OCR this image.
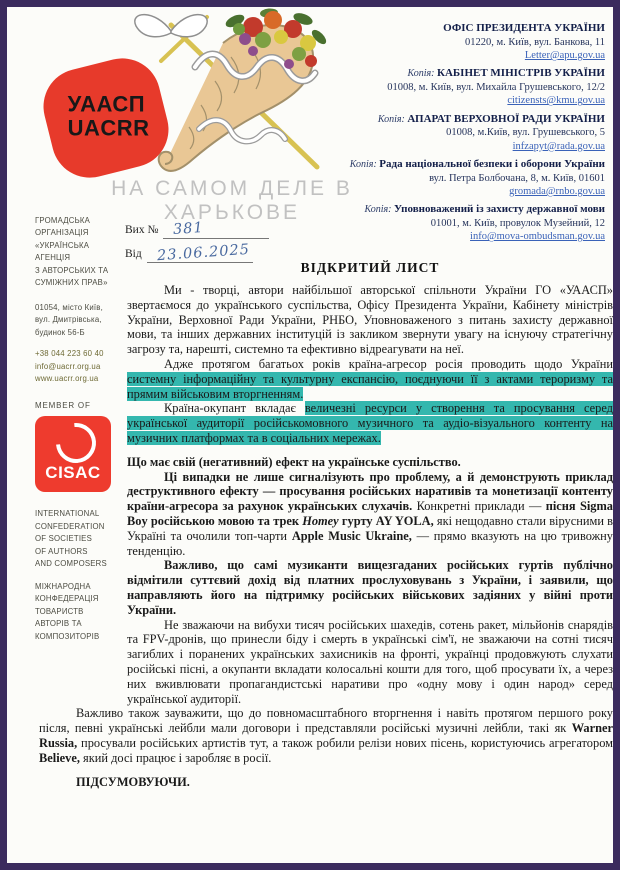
УААСП
UACRR
НА САМОМ ДЕЛЕ В
ХАРЬКОВЕ
ОФІС ПРЕЗИДЕНТА УКРАЇНИ
01220, м. Київ, вул. Банкова, 11
Letter@apu.gov.ua
Копія: КАБІНЕТ МІНІСТРІВ УКРАЇНИ
01008, м. Київ, вул. Михайла Грушевського, 12/2
citizensts@kmu.gov.ua
Копія: АПАРАТ ВЕРХОВНОЇ РАДИ УКРАЇНИ
01008, м.Київ, вул. Грушевського, 5
infzapyt@rada.gov.ua
Копія: Рада національної безпеки і оборони України
вул. Петра Болбочана, 8, м. Київ, 01601
gromada@rnbo.gov.ua
Копія: Уповноважений із захисту державної мови
01001, м. Київ, провулок Музейний, 12
info@mova-ombudsman.gov.ua
Вих № 381
Від 23.06.2025
ВІДКРИТИЙ ЛИСТ

Ми - творці, автори найбільшої авторської спільноти України ГО «УААСП» звертаємося до українського суспільства, Офісу Президента України, Кабінету міністрів України, Верховної Ради України, РНБО, Уповноваженого з питань захисту державної мови, та інших державних інституцій із закликом звернути увагу на існуючу стратегічну загрозу та, нарешті, системно та ефективно відреагувати на неї.

Адже протягом багатьох років країна-агресор росія проводить щодо України системну інформаційну та культурну експансію, поєднуючи її з актами тероризму та прямим військовим вторгненням.

Країна-окупант вкладає величезні ресурси у створення та просування серед української аудиторії російськомовного музичного та аудіо-візуального контенту на музичних платформах та в соціальних мережах.

Що має свій (негативний) ефект на українське суспільство.

Ці випадки не лише сигналізують про проблему, а й демонструють приклад деструктивного ефекту — просування російських наративів та монетизації контенту країни-агресора за рахунок українських слухачів. Конкретні приклади — пісня Sigma Boy російською мовою та трек Homey гурту AY YOLA, які нещодавно стали вірусними в Україні та очолили топ-чарти Apple Music Ukraine, — прямо вказують на цю тривожну тенденцію.

Важливо, що самі музиканти вищезгаданих російських гуртів публічно відмітили суттєвий дохід від платних прослуховувань з України, і заявили, що направляють його на підтримку російських військових задіяних у війні проти України.

Не зважаючи на вибухи тисяч російських шахедів, сотень ракет, мільйонів снарядів та FPV-дронів, що принесли біду і смерть в українські сім'ї, не зважаючи на сотні тисяч загиблих і поранених українських захисників на фронті, українці продовжують слухати російські пісні, а окупанти вкладати колосальні кошти для того, щоб просувати їх, а через них вживлювати пропагандистські наративи про «одну мову і один народ» серед української аудиторії.

Важливо також зауважити, що до повномасштабного вторгнення і навіть протягом першого року після, певні українські лейбли мали договори і представляли російські музичні лейбли, такі як Warner Russia, просували російських артистів тут, а також робили релізи нових пісень, користуючись агрегатором Believe, який досі працює і заробляє в росії.

ПІДСУМОВУЮЧИ.

ГРОМАДСЬКА
ОРГАНІЗАЦІЯ
«УКРАЇНСЬКА
АГЕНЦІЯ
З АВТОРСЬКИХ ТА
СУМІЖНИХ ПРАВ»
01054, місто Київ,
вул. Дмитрівська,
будинок 56-Б
+38 044 223 60 40
info@uacrr.org.ua
www.uacrr.org.ua
MEMBER OF
CISAC
INTERNATIONAL
CONFEDERATION
OF SOCIETIES
OF AUTHORS
AND COMPOSERS
МІЖНАРОДНА
КОНФЕДЕРАЦІЯ
ТОВАРИСТВ
АВТОРІВ ТА
КОМПОЗИТОРІВ
